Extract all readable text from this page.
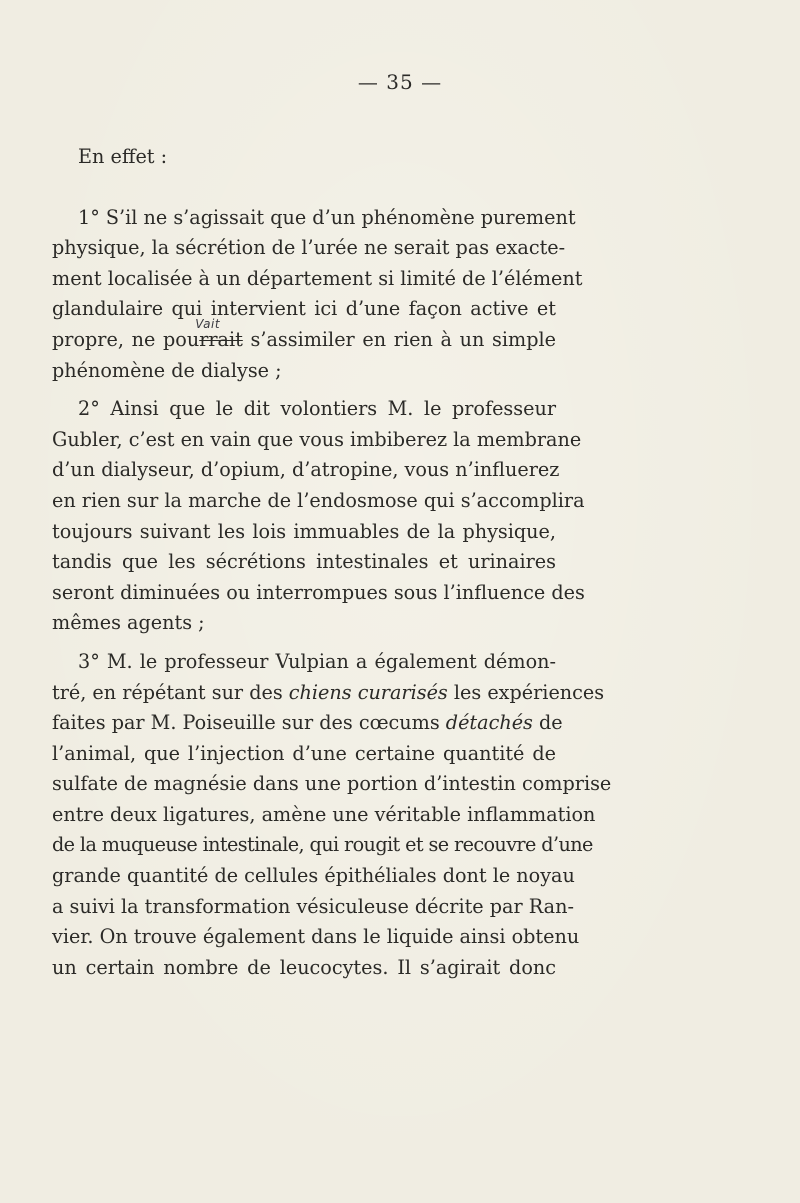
— 35 —

En effet :

1° S’il ne s’agissait que d’un phénomène purement
physique, la sécrétion de l’urée ne serait pas exacte-
ment localisée à un département si limité de l’élément
glandulaire qui intervient ici d’une façon active et
propre, ne pourrait
Vait
s’assimiler en rien à un simple
phénomène de dialyse ;
2° Ainsi que le dit volontiers M. le professeur
Gubler, c’est en vain que vous imbiberez la membrane
d’un dialyseur, d’opium, d’atropine, vous n’influerez
en rien sur la marche de l’endosmose qui s’accomplira
toujours suivant les lois immuables de la physique,
tandis que les sécrétions intestinales et urinaires
seront diminuées ou interrompues sous l’influence des
mêmes agents ;
3° M. le professeur Vulpian a également démon-
tré, en répétant sur des chiens curarisés les expériences
faites par M. Poiseuille sur des cœcums détachés de
l’animal, que l’injection d’une certaine quantité de
sulfate de magnésie dans une portion d’intestin comprise
entre deux ligatures, amène une véritable inflammation
de la muqueuse intestinale, qui rougit et se recouvre d’une
grande quantité de cellules épithéliales dont le noyau
a suivi la transformation vésiculeuse décrite par Ran-
vier. On trouve également dans le liquide ainsi obtenu
un certain nombre de leucocytes. Il s’agirait donc
